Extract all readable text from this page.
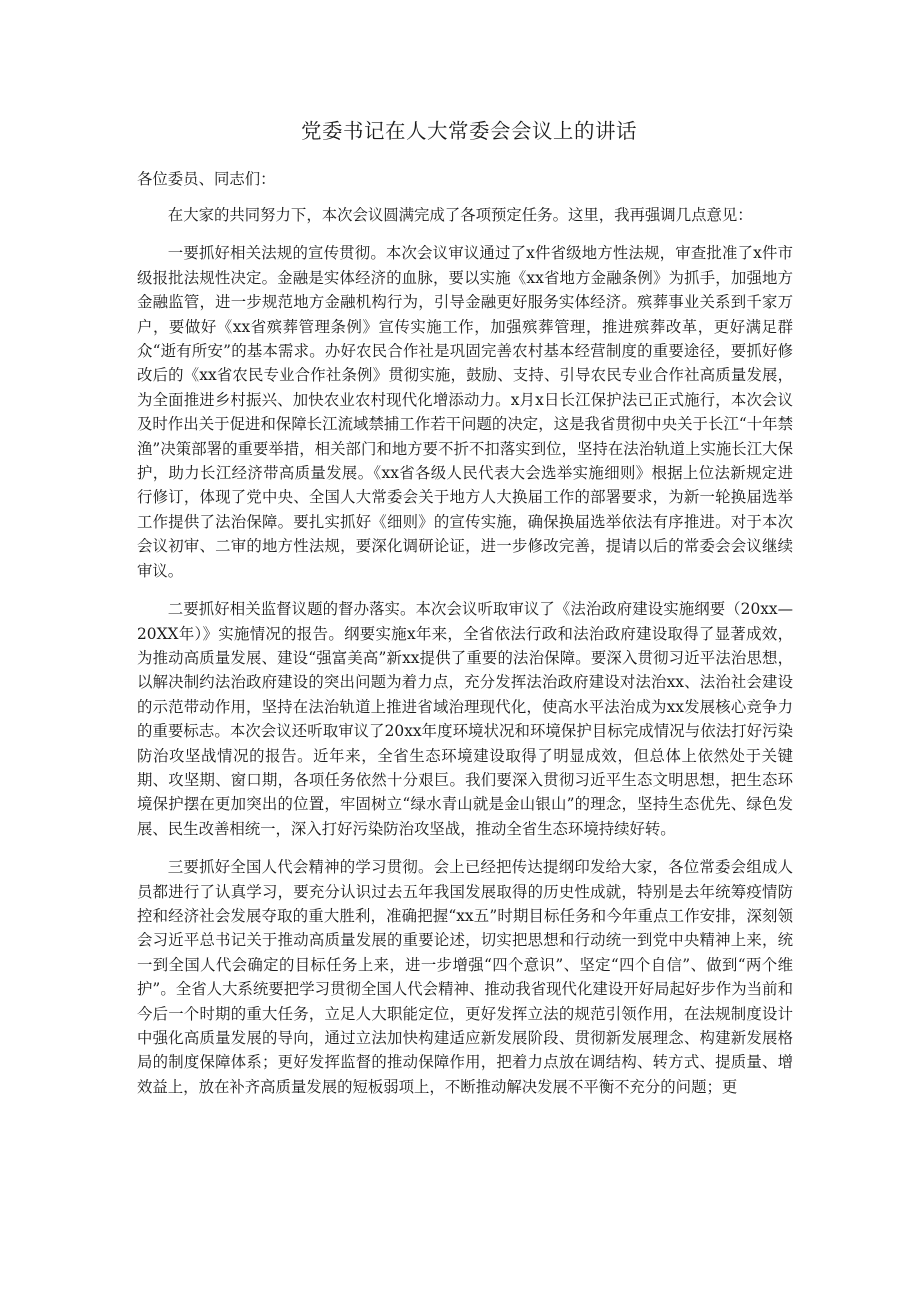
党委书记在人大常委会会议上的讲话

各位委员、同志们：

在大家的共同努力下，本次会议圆满完成了各项预定任务。这里，我再强调几点意见：

一要抓好相关法规的宣传贯彻。本次会议审议通过了x件省级地方性法规，审查批准了x件市级报批法规性决定。金融是实体经济的血脉，要以实施《xx省地方金融条例》为抓手，加强地方金融监管，进一步规范地方金融机构行为，引导金融更好服务实体经济。殡葬事业关系到千家万户，要做好《xx省殡葬管理条例》宣传实施工作，加强殡葬管理，推进殡葬改革，更好满足群众“逝有所安”的基本需求。办好农民合作社是巩固完善农村基本经营制度的重要途径，要抓好修改后的《xx省农民专业合作社条例》贯彻实施，鼓励、支持、引导农民专业合作社高质量发展，为全面推进乡村振兴、加快农业农村现代化增添动力。x月x日长江保护法已正式施行，本次会议及时作出关于促进和保障长江流域禁捕工作若干问题的决定，这是我省贯彻中央关于长江“十年禁渔”决策部署的重要举措，相关部门和地方要不折不扣落实到位，坚持在法治轨道上实施长江大保护，助力长江经济带高质量发展。《xx省各级人民代表大会选举实施细则》根据上位法新规定进行修订，体现了党中央、全国人大常委会关于地方人大换届工作的部署要求，为新一轮换届选举工作提供了法治保障。要扎实抓好《细则》的宣传实施，确保换届选举依法有序推进。对于本次会议初审、二审的地方性法规，要深化调研论证，进一步修改完善，提请以后的常委会会议继续审议。

二要抓好相关监督议题的督办落实。本次会议听取审议了《法治政府建设实施纲要（20xx—20XX年）》实施情况的报告。纲要实施x年来，全省依法行政和法治政府建设取得了显著成效，为推动高质量发展、建设“强富美高”新xx提供了重要的法治保障。要深入贯彻习近平法治思想，以解决制约法治政府建设的突出问题为着力点，充分发挥法治政府建设对法治xx、法治社会建设的示范带动作用，坚持在法治轨道上推进省域治理现代化，使高水平法治成为xx发展核心竞争力的重要标志。本次会议还听取审议了20xx年度环境状况和环境保护目标完成情况与依法打好污染防治攻坚战情况的报告。近年来，全省生态环境建设取得了明显成效，但总体上依然处于关键期、攻坚期、窗口期，各项任务依然十分艰巨。我们要深入贯彻习近平生态文明思想，把生态环境保护摆在更加突出的位置，牢固树立“绿水青山就是金山银山”的理念，坚持生态优先、绿色发展、民生改善相统一，深入打好污染防治攻坚战，推动全省生态环境持续好转。

三要抓好全国人代会精神的学习贯彻。会上已经把传达提纲印发给大家，各位常委会组成人员都进行了认真学习，要充分认识过去五年我国发展取得的历史性成就，特别是去年统筹疫情防控和经济社会发展夺取的重大胜利，准确把握“xx五”时期目标任务和今年重点工作安排，深刻领会习近平总书记关于推动高质量发展的重要论述，切实把思想和行动统一到党中央精神上来，统一到全国人代会确定的目标任务上来，进一步增强“四个意识”、坚定“四个自信”、做到“两个维护”。全省人大系统要把学习贯彻全国人代会精神、推动我省现代化建设开好局起好步作为当前和今后一个时期的重大任务，立足人大职能定位，更好发挥立法的规范引领作用，在法规制度设计中强化高质量发展的导向，通过立法加快构建适应新发展阶段、贯彻新发展理念、构建新发展格局的制度保障体系；更好发挥监督的推动保障作用，把着力点放在调结构、转方式、提质量、增效益上，放在补齐高质量发展的短板弱项上，不断推动解决发展不平衡不充分的问题；更
